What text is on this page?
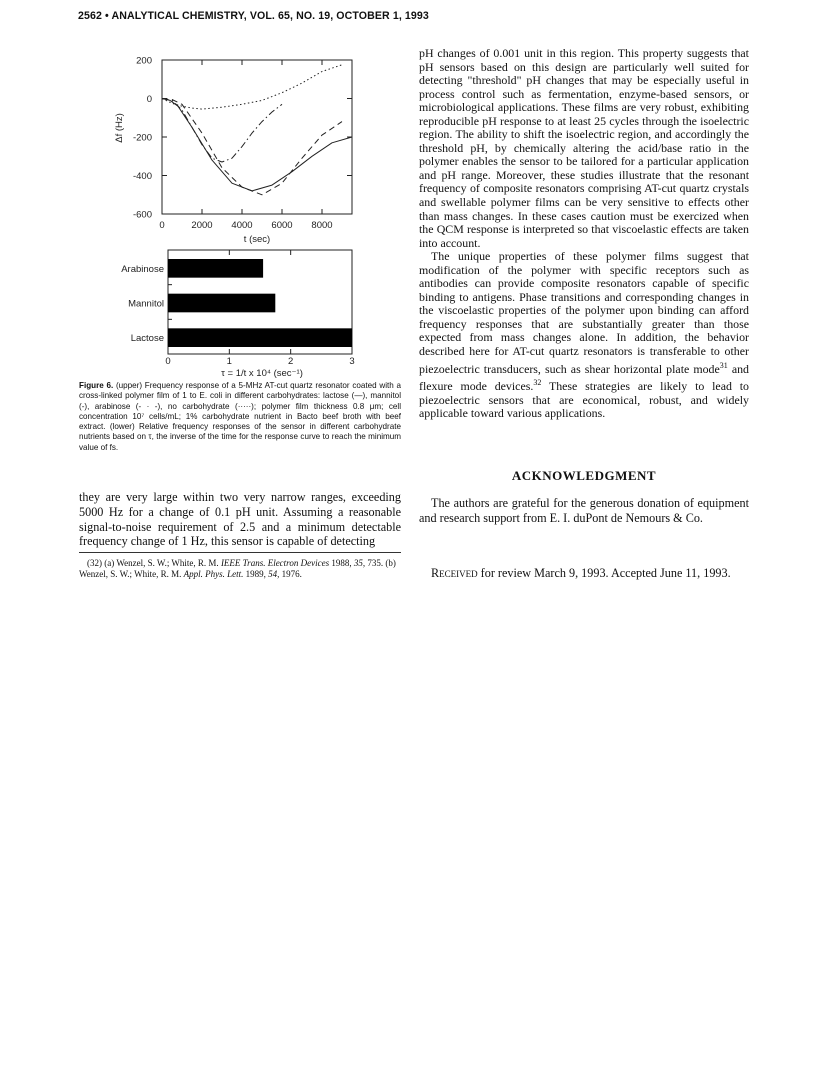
2562 • ANALYTICAL CHEMISTRY, VOL. 65, NO. 19, OCTOBER 1, 1993
0	2000 4000 6000 8000
200
0
-200
-400
-600
t (sec)
Δf (Hz)
Arabinose
Mannitol
Lactose
0	1	2	3
τ = 1/t x 10⁴ (sec⁻¹)
Figure 6. (upper) Frequency response of a 5-MHz AT-cut quartz resonator coated with a cross-linked polymer film of 1 to E. coli in different carbohydrates: lactose (—), mannitol (-), arabinose (- · -), no carbohydrate (·····); polymer film thickness 0.8 μm; cell concentration 10⁷ cells/mL; 1% carbohydrate nutrient in Bacto beef broth with beef extract. (lower) Relative frequency responses of the sensor in different carbohydrate nutrients based on τ, the inverse of the time for the response curve to reach the minimum value of fs.
they are very large within two very narrow ranges, exceeding 5000 Hz for a change of 0.1 pH unit. Assuming a reasonable signal-to-noise requirement of 2.5 and a minimum detectable frequency change of 1 Hz, this sensor is capable of detecting

(32) (a) Wenzel, S. W.; White, R. M. IEEE Trans. Electron Devices 1988, 35, 735. (b) Wenzel, S. W.; White, R. M. Appl. Phys. Lett. 1989, 54, 1976.

pH changes of 0.001 unit in this region. This property suggests that pH sensors based on this design are particularly well suited for detecting "threshold" pH changes that may be especially useful in process control such as fermentation, enzyme-based sensors, or microbiological applications. These films are very robust, exhibiting reproducible pH response to at least 25 cycles through the isoelectric region. The ability to shift the isoelectric region, and accordingly the threshold pH, by chemically altering the acid/base ratio in the polymer enables the sensor to be tailored for a particular application and pH range. Moreover, these studies illustrate that the resonant frequency of composite resonators comprising AT-cut quartz crystals and swellable polymer films can be very sensitive to effects other than mass changes. In these cases caution must be exercized when the QCM response is interpreted so that viscoelastic effects are taken into account.

The unique properties of these polymer films suggest that modification of the polymer with specific receptors such as antibodies can provide composite resonators capable of specific binding to antigens. Phase transitions and corresponding changes in the viscoelastic properties of the polymer upon binding can afford frequency responses that are substantially greater than those expected from mass changes alone. In addition, the behavior described here for AT-cut quartz resonators is transferable to other piezoelectric transducers, such as shear horizontal plate mode$^{31}$ and flexure mode devices.$^{32}$ These strategies are likely to lead to piezoelectric sensors that are economical, robust, and widely applicable toward various applications.

ACKNOWLEDGMENT
The authors are grateful for the generous donation of equipment and research support from E. I. duPont de Nemours & Co.
Received for review March 9, 1993. Accepted June 11, 1993.
